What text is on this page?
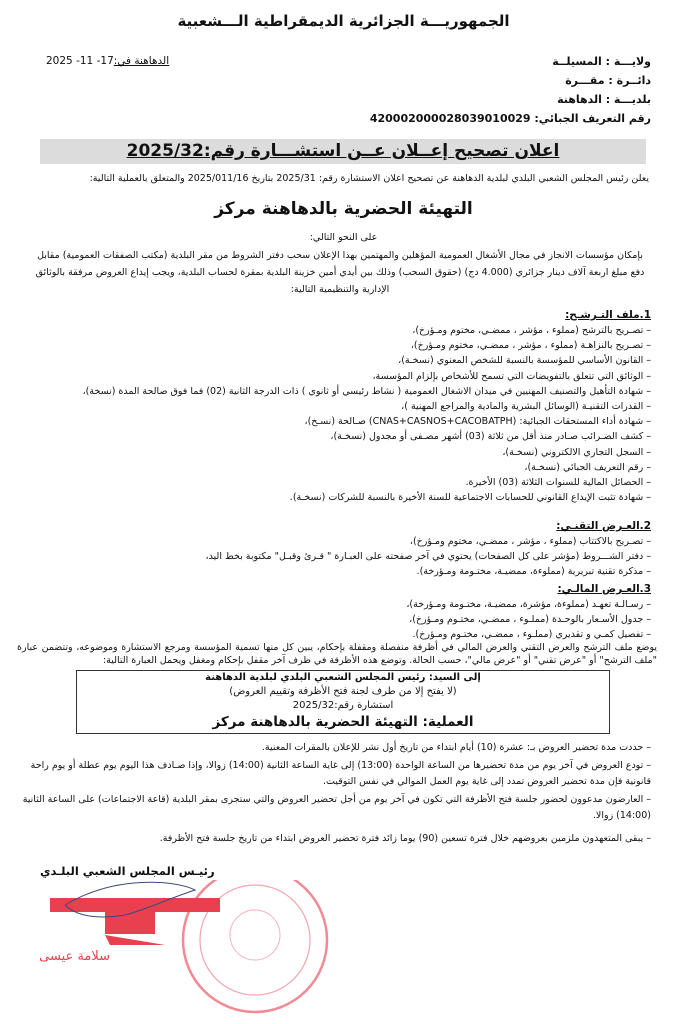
الجمهوريـــة الجزائرية الديمقراطية الـــشعبية
ولايـــة : المسيلــة
دائــرة : مقـــرة
بلديـــة : الدهاهنة
رقم التعريف الجبائي: 420002000028039010029
الدهاهنة في:17- 11- 2025
اعلان تصحيح إعــلان عــن استشـــارة رقم:2025/32
يعلن رئيس المجلس الشعبي البلدي لبلدية الدهاهنة عن تصحيح اعلان الاستشارة رقم: 2025/31 بتاريخ 2025/011/16 والمتعلق بالعملية التالية:
التهيئة الحضرية بالدهاهنة مركز
على النحو التالي:
بإمكان مؤسسات الانجاز في مجال الأشغال العمومية المؤهلين والمهتمين بهذا الإعلان سحب دفتر الشروط من مقر البلدية (مكتب الصفقات العمومية) مقابل دفع مبلغ اربعة آلاف دينار جزائري (4.000 دج) (حقوق السحب) وذلك بين أيدي أمين خزينة البلدية بمقرة لحساب البلدية، ويجب إيداع العروض مرفقة بالوثائق الإدارية والتنظيمية التالية:
1.ملف التـرشـح:
– تصـريح بالترشح (مملوء ، مؤشر ، ممضـي، مختوم ومـؤرخ)،
– تصـريح بالنزاهـة (مملوء ، مؤشر ، ممضـي، مختوم ومـؤرخ)،
– القانون الأساسي للمؤسسة بالنسبة للشخص المعنوي (نسخـة)،
– الوثائق التي تتعلق بالتفويضات التي تسمح للأشخاص بإلزام المؤسسة،
– شهادة التأهيل والتصنيف المهنيين في ميدان الاشغال العمومية ( نشاط رئيسي أو ثانوي ) ذات الدرجة الثانية (02) فما فوق صالحة المدة (نسخة)،
– القدرات التقنيـة (الوسائل البشرية والمادية والمراجع المهنية )،
– شهادة أداء المستحقات الجبائية: (CNAS+CASNOS+CACOBATPH) صـالحة (نسـخ)،
– كشف الضـرائب صـادر منذ أقل من ثلاثة (03) أشهر مصـفى أو مجدول (نسخـة)،
– السجل التجاري الالكتروني (نسخـة)،
– رقم التعريف الجبائي (نسخـة)،
– الحصائل المالية للسنوات الثلاثة (03) الأخيرة.
– شهادة تثبت الإيداع القانوني للحسابات الاجتماعية للسنة الأخيرة بالنسبة للشركات (نسخـة).
2.العـرض التقنـي:
– تصـريح بالاكتتاب (مملوء ، مؤشر ، ممضـي، مختوم ومـؤرخ)،
– دفتر الشـــروط (مؤشر على كل الصفحات) يحتوي في آخر صفحته على العبـارة " قـرئ وقبـل" مكتوبة بخط اليد،
– مذكرة تقنية تبريرية (مملوءة، ممضيـة، مختـومة ومـؤرخة).
3.العـرض المالـي:
– رسـالـة تعهـد (مملوءة، مؤشرة، ممضيـة، مختـومة ومـؤرخة)،
– جدول الأسـعار بالوحـدة (مملـوء ، ممضـي، مختـوم ومـؤرخ)،
– تفصيل كمـي و تقديري (مملـوء ، ممضـي، مختـوم ومـؤرخ).
يوضع ملف الترشح والعرض التقني والعرض المالي في أظرفة منفصلة ومقفلة بإحكام، يبين كل منها تسمية المؤسسة ومرجع الاستشارة وموضوعه، وتتضمن عبارة "ملف الترشح" أو "عرض تقني" أو "عرض مالي"، حسب الحالة. وتوضع هذه الأظرفة في ظرف آخر مقفل بإحكام ومغفل ويحمل العبارة التالية:
إلى السيد: رئيس المجلس الشعبي البلدي لبلدية الدهاهنة
(لا يفتح إلا من طرف لجنة فتح الأظرفة وتقييم العروض)
استشارة رقم:2025/32
العملية: التهيئة الحضرية بالدهاهنة مركز
– حددت مدة تحضير العروض بـ: عشرة (10) أيام ابتداء من تاريخ أول نشر للإعلان بالمقرات المعنية.
– تودع العروض في آخر يوم من مدة تحضيرها من الساعة الواحدة (13:00) إلى غاية الساعة الثانية (14:00) زوالا، وإذا صـادف هذا اليوم يوم عطلة أو يوم راحة قانونية فإن مدة تحضير العروض تمدد إلى غاية يوم العمل الموالي في نفس التوقيت.
– العارضون مدعوون لحضور جلسة فتح الأظرفة التي تكون في آخر يوم من أجل تحضير العروض والتي ستجرى بمقر البلدية (قاعة الاجتماعات) على الساعة الثانية (14:00) زوالا.
– يبقى المتعهدون ملزمين بعروضهم خلال فترة تسعين (90) يوما زائد فترة تحضير العروض ابتداء من تاريخ جلسة فتح الأظرفة.
رئيـس المجلس الشعبي البلـدي
سلامة عيسى
